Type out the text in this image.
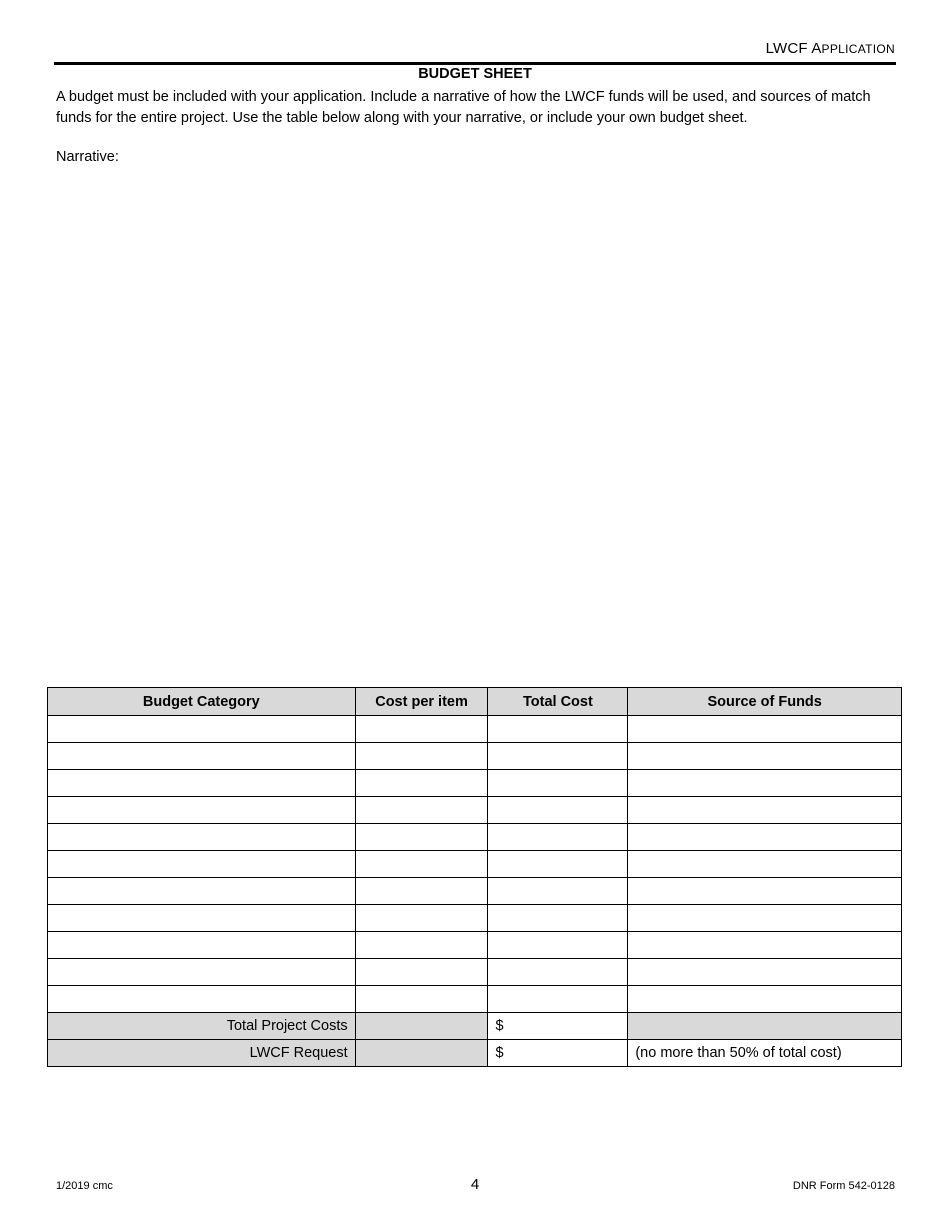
LWCF APPLICATION
BUDGET SHEET
A budget must be included with your application. Include a narrative of how the LWCF funds will be used, and sources of match funds for the entire project. Use the table below along with your narrative, or include your own budget sheet.
Narrative:
Budget Category	Cost per item	Total Cost	Source of Funds

Total Project Costs		$	
LWCF Request		$	(no more than 50% of total cost)
1/2019 cmc	4	DNR Form 542-0128
